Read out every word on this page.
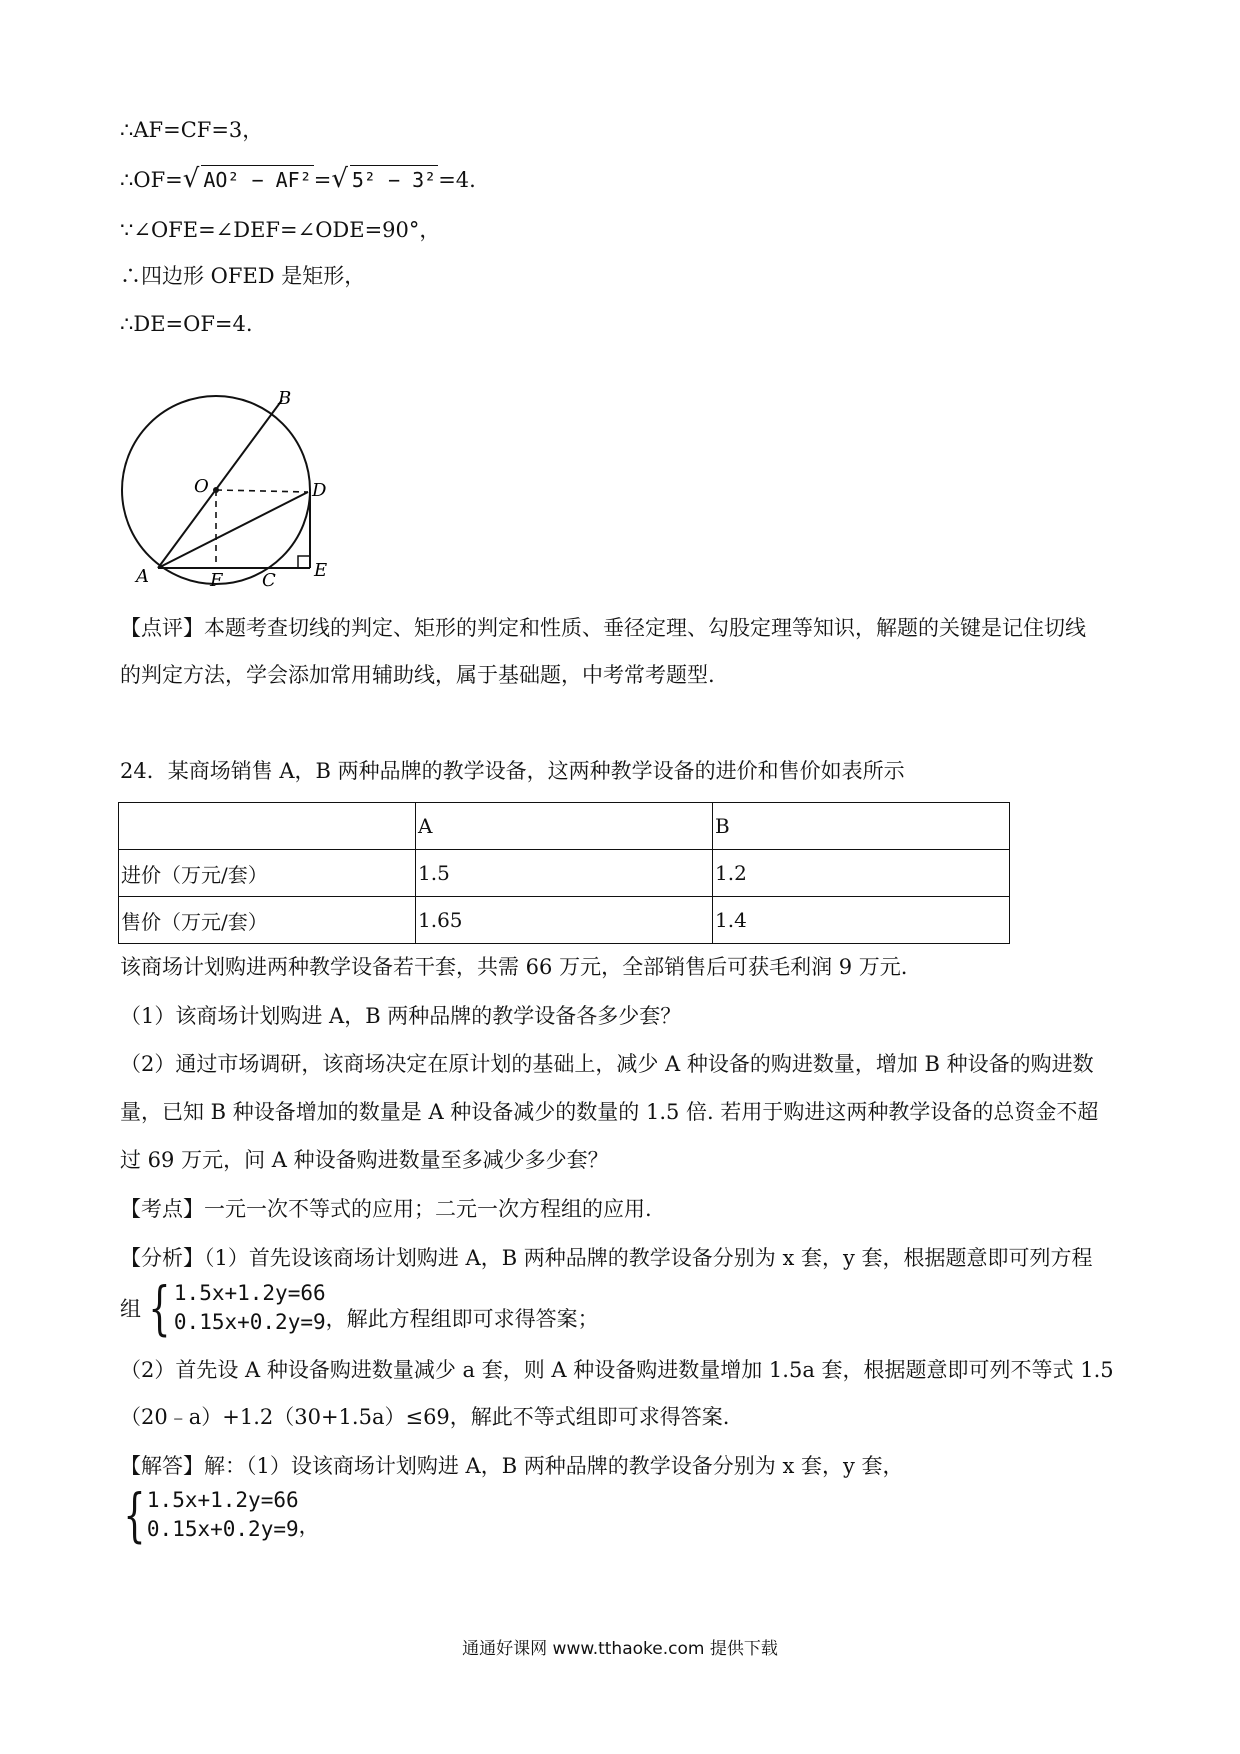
∴AF=CF=3，
∴OF=√ AO² − AF²=√ 5² − 3²=4.
∵∠OFE=∠DEF=∠ODE=90°，
∴四边形 OFED 是矩形，
∴DE=OF=4.
B
O	D
A	F C E
【点评】本题考查切线的判定、矩形的判定和性质、垂径定理、勾股定理等知识，解题的关键是记住切线
的判定方法，学会添加常用辅助线，属于基础题，中考常考题型.
24．某商场销售 A，B 两种品牌的教学设备，这两种教学设备的进价和售价如表所示
	A	B
进价（万元/套）	1.5	1.2
售价（万元/套）	1.65	1.4
该商场计划购进两种教学设备若干套，共需 66 万元，全部销售后可获毛利润 9 万元.
（1）该商场计划购进 A，B 两种品牌的教学设备各多少套？
（2）通过市场调研，该商场决定在原计划的基础上，减少 A 种设备的购进数量，增加 B 种设备的购进数
量，已知 B 种设备增加的数量是 A 种设备减少的数量的 1.5 倍. 若用于购进这两种教学设备的总资金不超
过 69 万元，问 A 种设备购进数量至多减少多少套？
【考点】一元一次不等式的应用；二元一次方程组的应用.
【分析】（1）首先设该商场计划购进 A，B 两种品牌的教学设备分别为 x 套，y 套，根据题意即可列方程
组 { 1.5x+1.2y=66
0.15x+0.2y=9 ，解此方程组即可求得答案；
（2）首先设 A 种设备购进数量减少 a 套，则 A 种设备购进数量增加 1.5a 套，根据题意即可列不等式 1.5
（20﹣a）+1.2（30+1.5a）≤69，解此不等式组即可求得答案.
【解答】解：（1）设该商场计划购进 A，B 两种品牌的教学设备分别为 x 套，y 套，
{ 1.5x+1.2y=66
0.15x+0.2y=9 ，
通通好课网 www.tthaoke.com 提供下载
